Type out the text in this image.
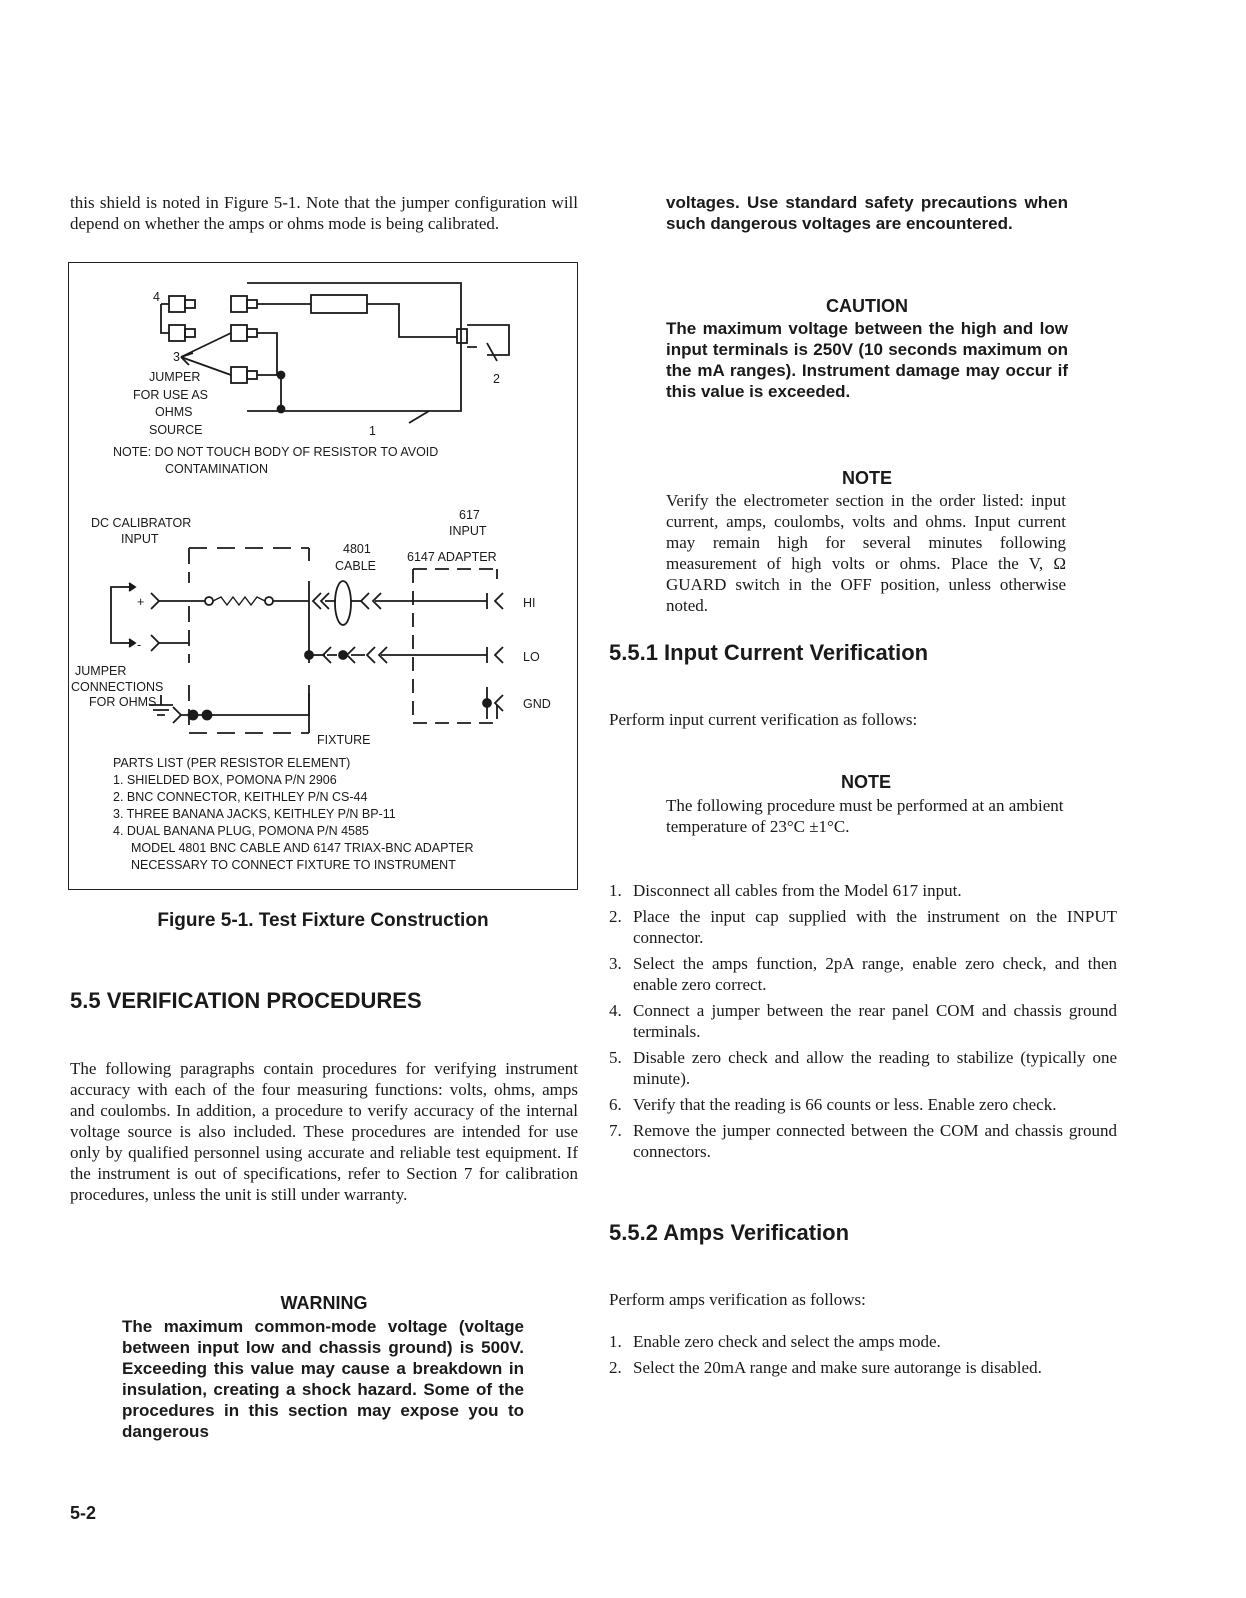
this shield is noted in Figure 5-1. Note that the jumper configuration will depend on whether the amps or ohms mode is being calibrated.
4
3
2
1
JUMPER
FOR USE AS
OHMS
SOURCE
NOTE: DO NOT TOUCH BODY OF RESISTOR TO AVOID
CONTAMINATION
DC CALIBRATOR
INPUT
617
INPUT
4801
CABLE
6147 ADAPTER
+
-
HI
LO
GND
JUMPER
CONNECTIONS
FOR OHMS
FIXTURE
PARTS LIST (PER RESISTOR ELEMENT)
1. SHIELDED BOX, POMONA P/N 2906
2. BNC CONNECTOR, KEITHLEY P/N CS-44
3. THREE BANANA JACKS, KEITHLEY P/N BP-11
4. DUAL BANANA PLUG, POMONA P/N 4585
MODEL 4801 BNC CABLE AND 6147 TRIAX-BNC ADAPTER
NECESSARY TO CONNECT FIXTURE TO INSTRUMENT
Figure 5-1. Test Fixture Construction
5.5 VERIFICATION PROCEDURES
The following paragraphs contain procedures for verifying instrument accuracy with each of the four measuring functions: volts, ohms, amps and coulombs. In addition, a procedure to verify accuracy of the internal voltage source is also included. These procedures are intended for use only by qualified personnel using accurate and reliable test equipment. If the instrument is out of specifications, refer to Section 7 for calibration procedures, unless the unit is still under warranty.
WARNING
The maximum common-mode voltage (voltage between input low and chassis ground) is 500V. Exceeding this value may cause a breakdown in insulation, creating a shock hazard. Some of the procedures in this section may expose you to dangerous
5-2
voltages. Use standard safety precautions when such dangerous voltages are encountered.
CAUTION
The maximum voltage between the high and low input terminals is 250V (10 seconds maximum on the mA ranges). Instrument damage may occur if this value is exceeded.
NOTE
Verify the electrometer section in the order listed: input current, amps, coulombs, volts and ohms. Input current may remain high for several minutes following measurement of high volts or ohms. Place the V, Ω GUARD switch in the OFF position, unless otherwise noted.
5.5.1 Input Current Verification
Perform input current verification as follows:
NOTE
The following procedure must be performed at an ambient temperature of 23°C ±1°C.
1. Disconnect all cables from the Model 617 input.
2. Place the input cap supplied with the instrument on the INPUT connector.
3. Select the amps function, 2pA range, enable zero check, and then enable zero correct.
4. Connect a jumper between the rear panel COM and chassis ground terminals.
5. Disable zero check and allow the reading to stabilize (typically one minute).
6. Verify that the reading is 66 counts or less. Enable zero check.
7. Remove the jumper connected between the COM and chassis ground connectors.
5.5.2 Amps Verification
Perform amps verification as follows:
1. Enable zero check and select the amps mode.
2. Select the 20mA range and make sure autorange is disabled.
